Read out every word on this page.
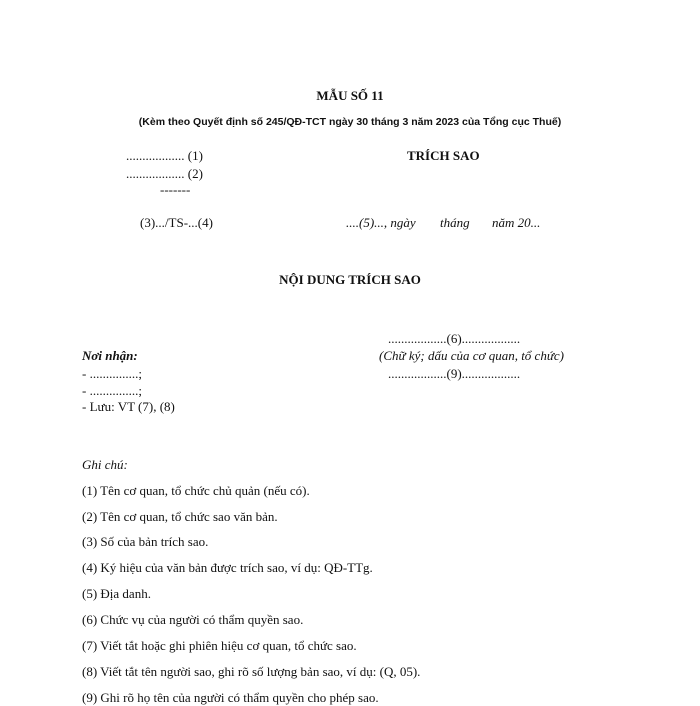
MẪU SỐ 11
(Kèm theo Quyết định số 245/QĐ-TCT ngày 30 tháng 3 năm 2023 của Tổng cục Thuế)
.................. (1)
.................. (2)
-------
(3).../TS-...(4)
TRÍCH SAO
....(5)..., ngày tháng năm 20...
NỘI DUNG TRÍCH SAO
..................(6)..................
(Chữ ký; dấu của cơ quan, tổ chức)
..................(9)..................
Nơi nhận:
- ...............;
- ...............;
- Lưu: VT (7), (8)
Ghi chú:
(1) Tên cơ quan, tổ chức chủ quản (nếu có).
(2) Tên cơ quan, tổ chức sao văn bản.
(3) Số của bản trích sao.
(4) Ký hiệu của văn bản được trích sao, ví dụ: QĐ-TTg.
(5) Địa danh.
(6) Chức vụ của người có thẩm quyền sao.
(7) Viết tắt hoặc ghi phiên hiệu cơ quan, tổ chức sao.
(8) Viết tắt tên người sao, ghi rõ số lượng bản sao, ví dụ: (Q, 05).
(9) Ghi rõ họ tên của người có thẩm quyền cho phép sao.
